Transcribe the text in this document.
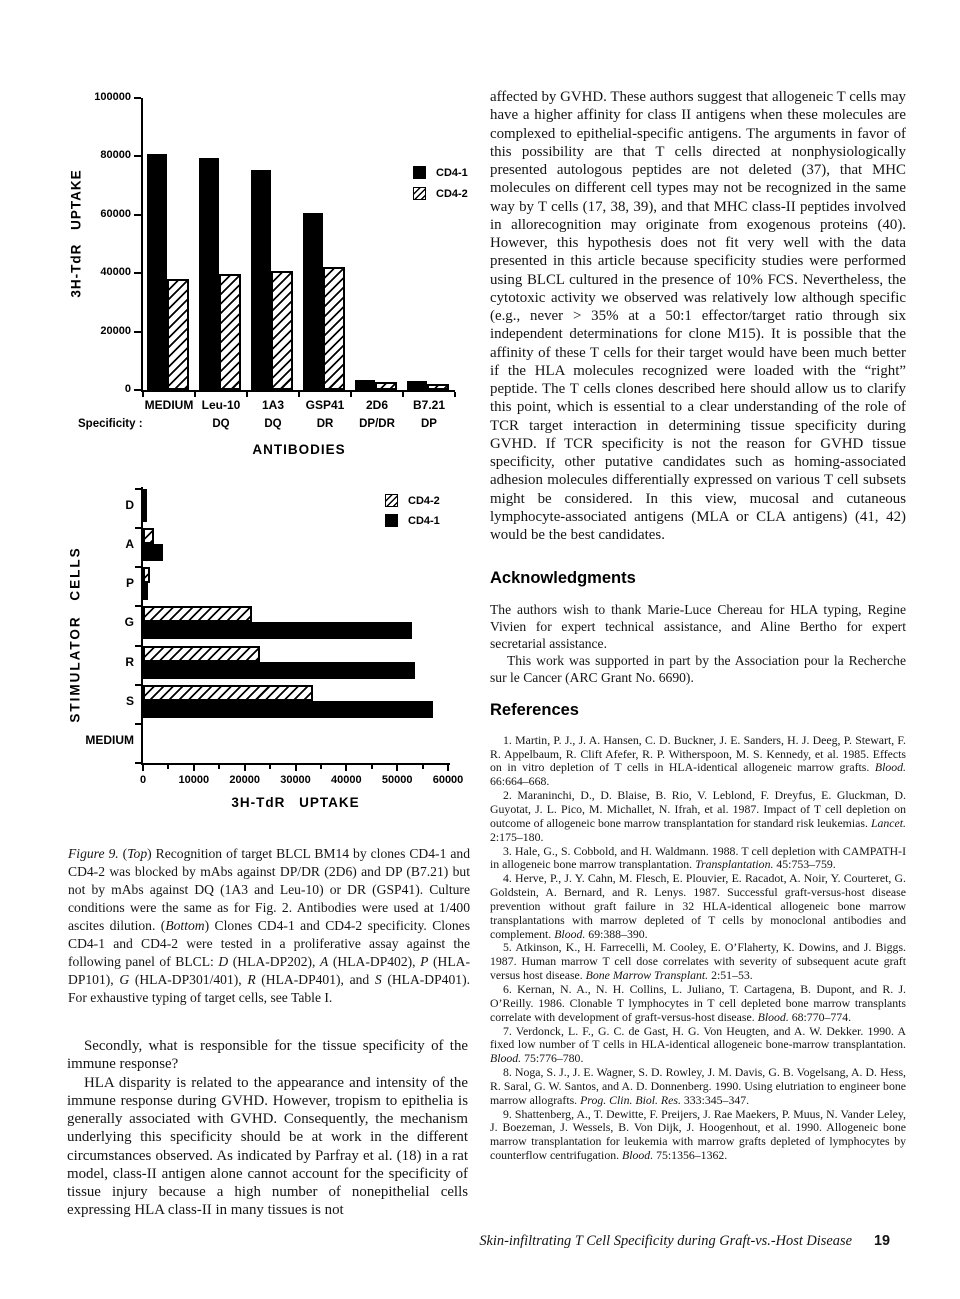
0
20000
40000
60000
80000
100000
MEDIUM Leu-10
DQ
1A3
DQ
GSP41
DR
2D6
DP/DR
B7.21
DP
Specificity :
ANTIBODIES
3H-TdR UPTAKE	CD4-1
CD4-2
0	10000	20000	30000	40000	50000	60000
D
A
P
G
R
S
MEDIUM
3H-TdR UPTAKE
STIMULATOR CELLS
CD4-2
CD4-1

Figure 9. (Top) Recognition of target BLCL BM14 by clones CD4-1 and CD4-2 was blocked by mAbs against DP/DR (2D6) and DP (B7.21) but not by mAbs against DQ (1A3 and Leu-10) or DR (GSP41). Culture conditions were the same as for Fig. 2. Antibodies were used at 1/400 ascites dilution. (Bottom) Clones CD4-1 and CD4-2 specificity. Clones CD4-1 and CD4-2 were tested in a proliferative assay against the following panel of BLCL: D (HLA-DP202), A (HLA-DP402), P (HLA-DP101), G (HLA-DP301/401), R (HLA-DP401), and S (HLA-DP401). For exhaustive typing of target cells, see Table I.

Secondly, what is responsible for the tissue specificity of the immune response?

HLA disparity is related to the appearance and intensity of the immune response during GVHD. However, tropism to epithelia is generally associated with GVHD. Consequently, the mechanism underlying this specificity should be at work in the different circumstances observed. As indicated by Parfray et al. (18) in a rat model, class-II antigen alone cannot account for the specificity of tissue injury because a high number of nonepithelial cells expressing HLA class-II in many tissues is not

affected by GVHD. These authors suggest that allogeneic T cells may have a higher affinity for class II antigens when these molecules are complexed to epithelial-specific antigens. The arguments in favor of this possibility are that T cells directed at nonphysiologically presented autologous peptides are not deleted (37), that MHC molecules on different cell types may not be recognized in the same way by T cells (17, 38, 39), and that MHC class-II peptides involved in allorecognition may originate from exogenous proteins (40). However, this hypothesis does not fit very well with the data presented in this article because specificity studies were performed using BLCL cultured in the presence of 10% FCS. Nevertheless, the cytotoxic activity we observed was relatively low although specific (e.g., never > 35% at a 50:1 effector/target ratio through six independent determinations for clone M15). It is possible that the affinity of these T cells for their target would have been much better if the HLA molecules recognized were loaded with the “right” peptide. The T cells clones described here should allow us to clarify this point, which is essential to a clear understanding of the role of TCR target interaction in determining tissue specificity during GVHD. If TCR specificity is not the reason for GVHD tissue specificity, other putative candidates such as homing-associated adhesion molecules differentially expressed on various T cell subsets might be considered. In this view, mucosal and cutaneous lymphocyte-associated antigens (MLA or CLA antigens) (41, 42) would be the best candidates.

Acknowledgments

The authors wish to thank Marie-Luce Chereau for HLA typing, Regine Vivien for expert technical assistance, and Aline Bertho for expert secretarial assistance.

This work was supported in part by the Association pour la Recherche sur le Cancer (ARC Grant No. 6690).

References

1. Martin, P. J., J. A. Hansen, C. D. Buckner, J. E. Sanders, H. J. Deeg, P. Stewart, F. R. Appelbaum, R. Clift Afefer, R. P. Witherspoon, M. S. Kennedy, et al. 1985. Effects on in vitro depletion of T cells in HLA-identical allogeneic marrow grafts. Blood. 66:664–668.

2. Maraninchi, D., D. Blaise, B. Rio, V. Leblond, F. Dreyfus, E. Gluckman, D. Guyotat, J. L. Pico, M. Michallet, N. Ifrah, et al. 1987. Impact of T cell depletion on outcome of allogeneic bone marrow transplantation for standard risk leukemias. Lancet. 2:175–180.

3. Hale, G., S. Cobbold, and H. Waldmann. 1988. T cell depletion with CAMPATH-I in allogeneic bone marrow transplantation. Transplantation. 45:753–759.

4. Herve, P., J. Y. Cahn, M. Flesch, E. Plouvier, E. Racadot, A. Noir, Y. Courteret, G. Goldstein, A. Bernard, and R. Lenys. 1987. Successful graft-versus-host disease prevention without graft failure in 32 HLA-identical allogeneic bone marrow transplantations with marrow depleted of T cells by monoclonal antibodies and complement. Blood. 69:388–390.

5. Atkinson, K., H. Farrecelli, M. Cooley, E. O’Flaherty, K. Dowins, and J. Biggs. 1987. Human marrow T cell dose correlates with severity of subsequent acute graft versus host disease. Bone Marrow Transplant. 2:51–53.

6. Kernan, N. A., N. H. Collins, L. Juliano, T. Cartagena, B. Dupont, and R. J. O’Reilly. 1986. Clonable T lymphocytes in T cell depleted bone marrow transplants correlate with development of graft-versus-host disease. Blood. 68:770–774.

7. Verdonck, L. F., G. C. de Gast, H. G. Von Heugten, and A. W. Dekker. 1990. A fixed low number of T cells in HLA-identical allogeneic bone-marrow transplantation. Blood. 75:776–780.

8. Noga, S. J., J. E. Wagner, S. D. Rowley, J. M. Davis, G. B. Vogelsang, A. D. Hess, R. Saral, G. W. Santos, and A. D. Donnenberg. 1990. Using elutriation to engineer bone marrow allografts. Prog. Clin. Biol. Res. 333:345–347.

9. Shattenberg, A., T. Dewitte, F. Preijers, J. Rae Maekers, P. Muus, N. Vander Leley, J. Boezeman, J. Wessels, B. Von Dijk, J. Hoogenhout, et al. 1990. Allogeneic bone marrow transplantation for leukemia with marrow grafts depleted of lymphocytes by counterflow centrifugation. Blood. 75:1356–1362.

Skin-infiltrating T Cell Specificity during Graft-vs.-Host Disease 19
